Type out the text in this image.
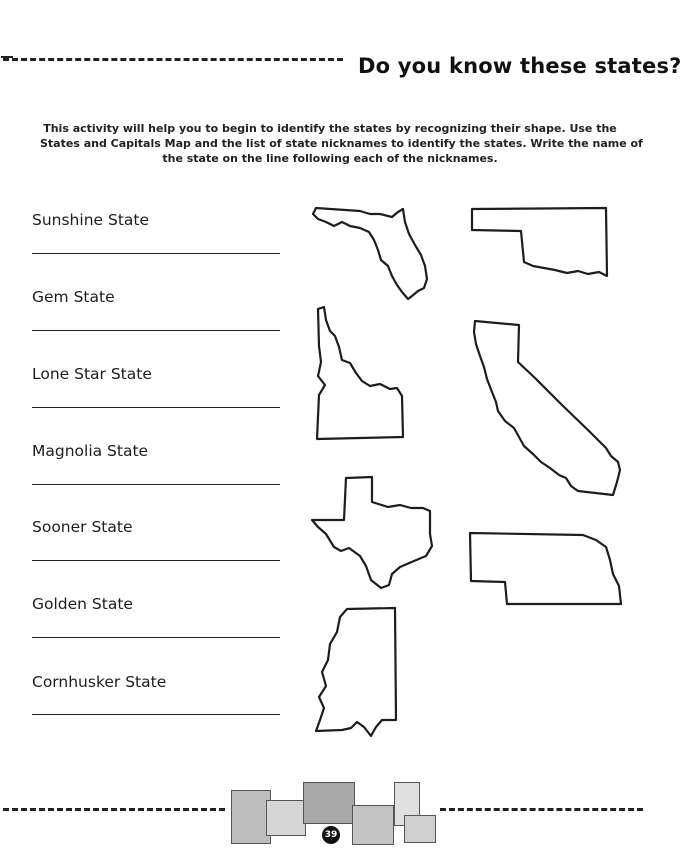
Do you know these states?
This activity will help you to begin to identify the states by recognizing their shape. Use the
States and Capitals Map and the list of state nicknames to identify the states. Write the name of
the state on the line following each of the nicknames.
Sunshine State
Gem State
Lone Star State
Magnolia State
Sooner State
Golden State
Cornhusker State
39
